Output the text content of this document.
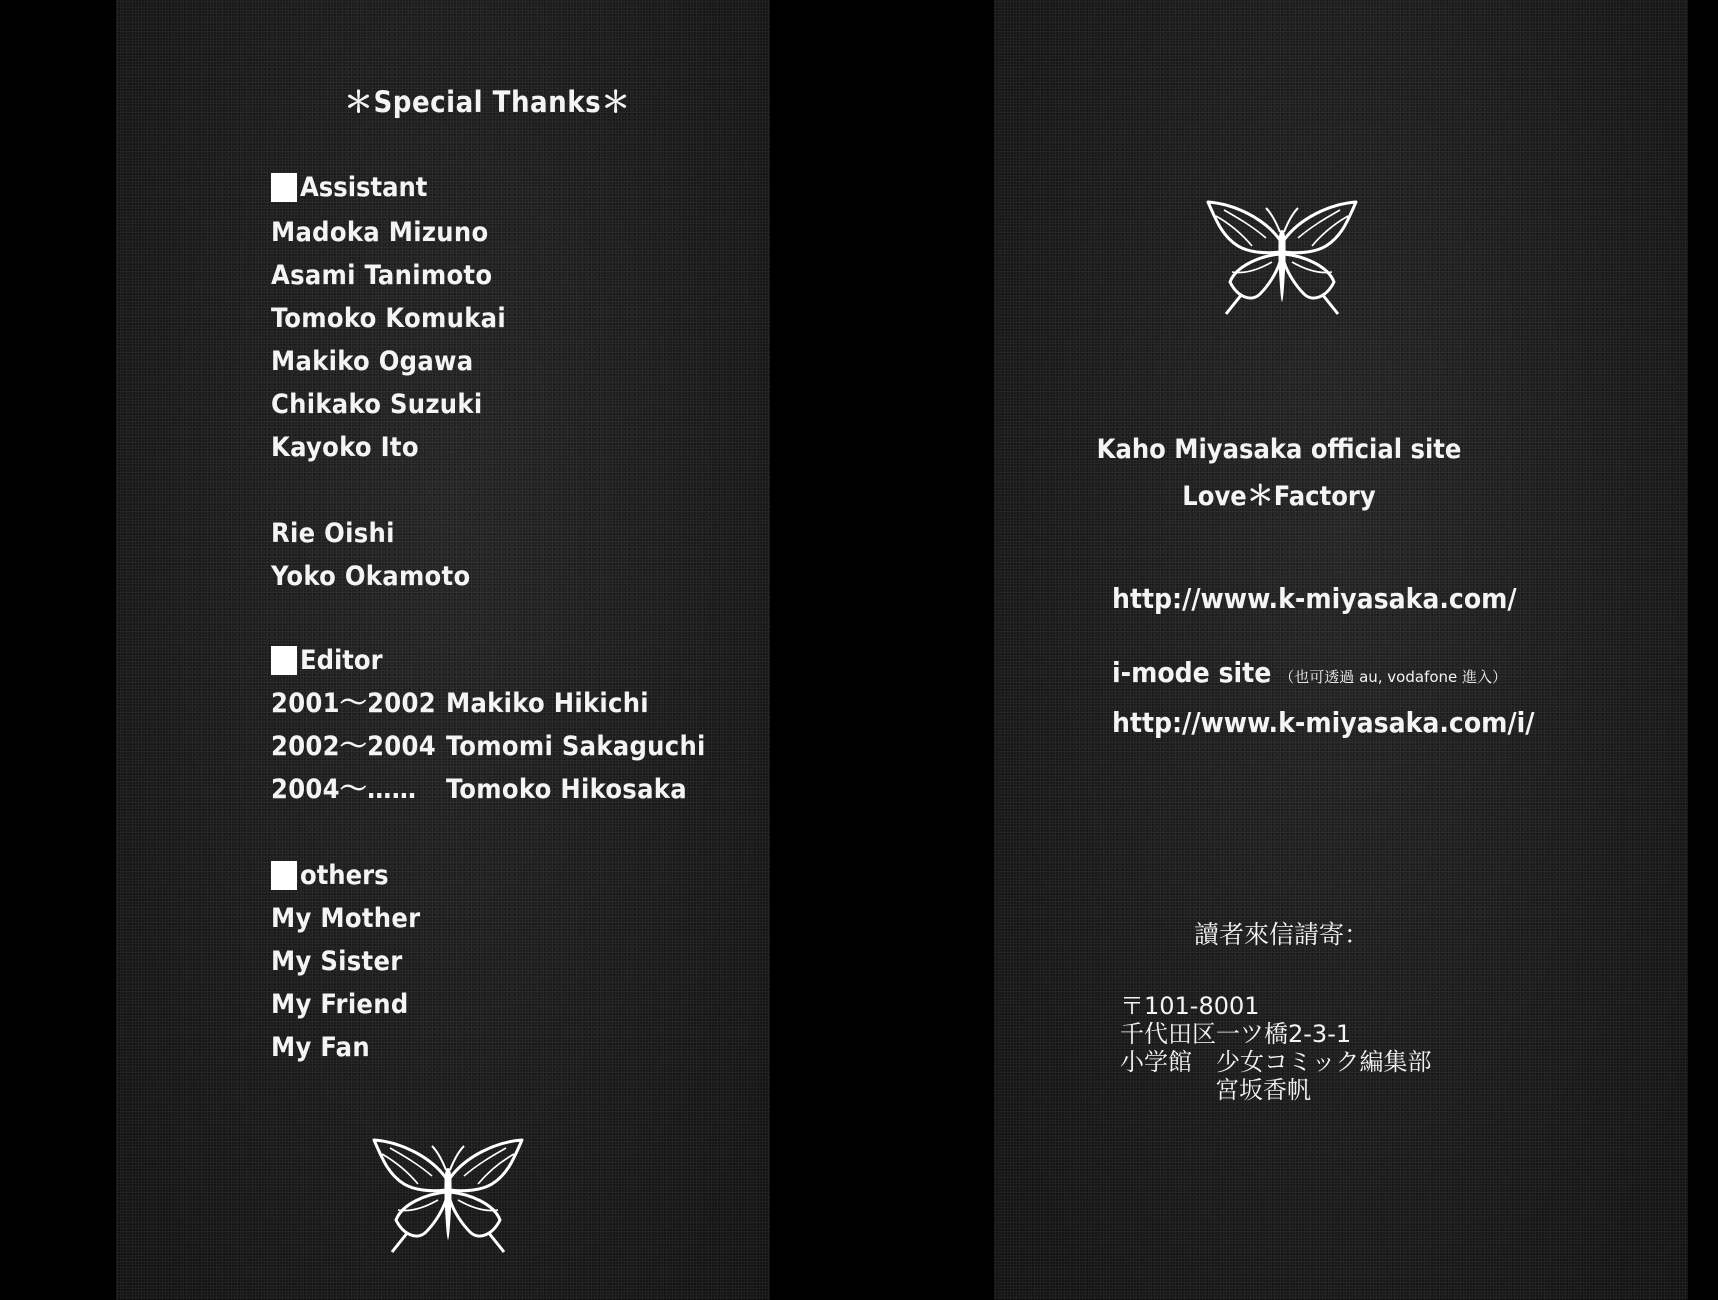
＊Special Thanks＊
Assistant
Madoka Mizuno
Asami Tanimoto
Tomoko Komukai
Makiko Ogawa
Chikako Suzuki
Kayoko Ito
Rie Oishi
Yoko Okamoto
Editor
2001～2002 Makiko Hikichi
2002～2004 Tomomi Sakaguchi
2004～…… Tomoko Hikosaka
others
My Mother
My Sister
My Friend
My Fan

Kaho Miyasaka official site

Love＊Factory

http://www.k-miyasaka.com/

i-mode site （也可透過 au, vodafone 進入）

http://www.k-miyasaka.com/i/

讀者來信請寄：

〒101-8001
千代田区一ツ橋2-3-1
小学館　少女コミック編集部
宮坂香帆
